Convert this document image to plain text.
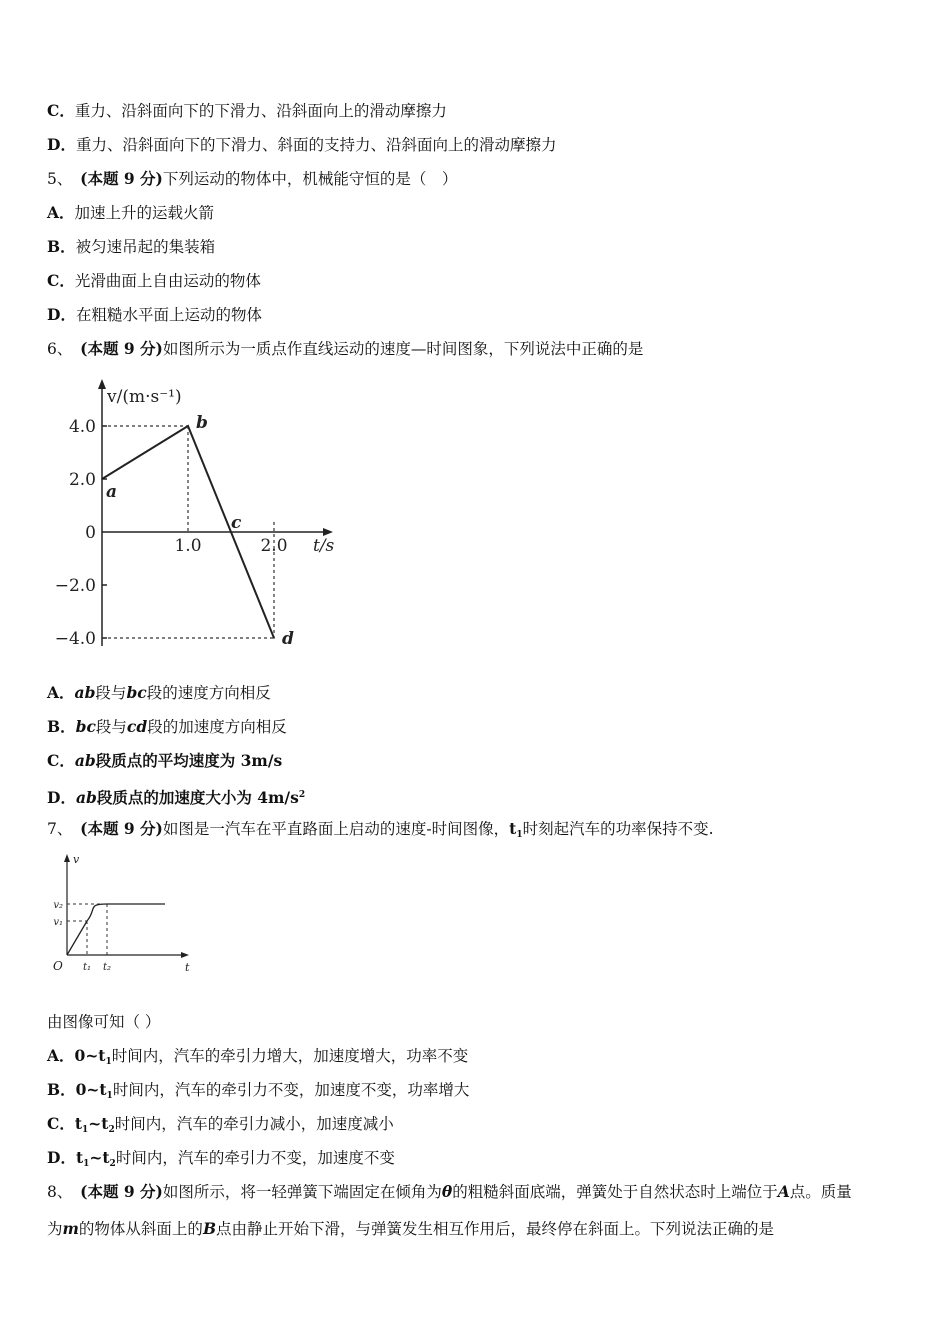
C．重力、沿斜面向下的下滑力、沿斜面向上的滑动摩擦力
D．重力、沿斜面向下的下滑力、斜面的支持力、沿斜面向上的滑动摩擦力
5、　 (本题 9 分)下列运动的物体中，机械能守恒的是（　）
A．加速上升的运载火箭
B．被匀速吊起的集装箱
C．光滑曲面上自由运动的物体
D．在粗糙水平面上运动的物体
6、　 (本题 9 分)如图所示为一质点作直线运动的速度—时间图象，下列说法中正确的是
v/(m·s⁻¹)
t/s
4.0
2.0
0
−2.0
−4.0
1.0	2.0
a
b
c
d
A．ab段与bc段的速度方向相反
B．bc段与cd段的加速度方向相反
C．ab段质点的平均速度为 3m/s
D．ab段质点的加速度大小为 $4m/s^2$
7、　 (本题 9 分)如图是一汽车在平直路面上启动的速度-时间图像，$t_1$时刻起汽车的功率保持不变.
v
t
O
v₂
v₁
t₁ t₂
由图像可知（ ）
A．$0\sim t_1$时间内，汽车的牵引力增大，加速度增大，功率不变
B．$0\sim t_1$时间内，汽车的牵引力不变，加速度不变，功率增大
C．$t_1\sim t_2$时间内，汽车的牵引力减小，加速度减小
D．$t_1\sim t_2$时间内，汽车的牵引力不变，加速度不变
8、　 (本题 9 分)如图所示，将一轻弹簧下端固定在倾角为θ的粗糙斜面底端，弹簧处于自然状态时上端位于A点。质量
为m的物体从斜面上的B点由静止开始下滑，与弹簧发生相互作用后，最终停在斜面上。下列说法正确的是
